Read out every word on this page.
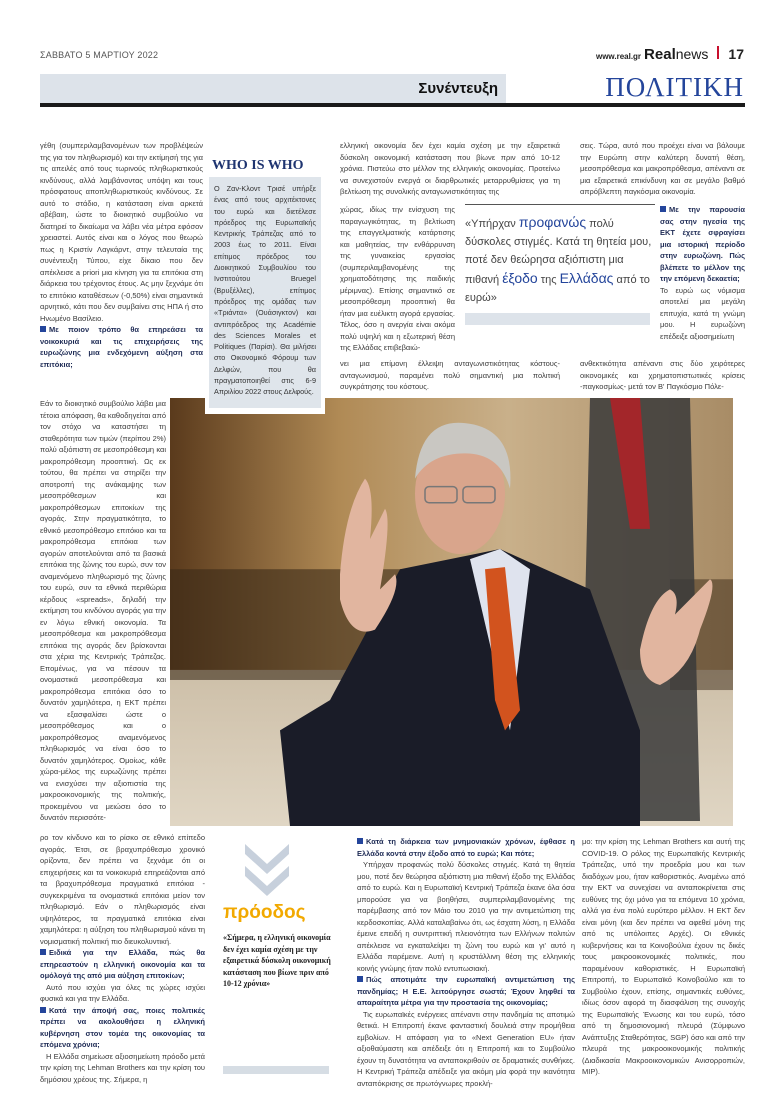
ΣΑΒΒΑΤΟ 5 ΜΑΡΤΙΟΥ 2022	www.real.gr Realnews 17
Συνέντευξη	ΠΟΛΙΤΙΚΗ

γέθη (συμπεριλαμβανομένων των προβλέψεών της για τον πληθωρισμό) και την εκτίμησή της για τις απειλές από τους τωρινούς πληθωριστικούς κινδύνους, αλλά λαμβάνοντας υπόψη και τους πρόσφατους αποπληθωριστικούς κινδύνους. Σε αυτό το στάδιο, η κατάσταση είναι αρκετά αβέβαιη, ώστε το διοικητικό συμβούλιο να διατηρεί το δικαίωμα να λάβει νέα μέτρα εφόσον χρειαστεί. Αυτός είναι και ο λόγος που θεωρώ πως η Κριστίν Λαγκάρντ, στην τελευταία της συνέντευξη Τύπου, είχε δίκαιο που δεν απέκλεισε a priori μια κίνηση για τα επιτόκια στη διάρκεια του τρέχοντος έτους. Ας μην ξεχνάμε ότι το επιτόκιο καταθέσεων (-0,50%) είναι σημαντικά αρνητικό, κάτι που δεν συμβαίνει στις ΗΠΑ ή στο Ηνωμένο Βασίλειο.

Με ποιον τρόπο θα επηρεάσει τα νοικοκυριά και τις επιχειρήσεις της ευρωζώνης μια ενδεχόμενη αύξηση στα επιτόκια;

Εάν το διοικητικό συμβούλιο λάβει μια τέτοια απόφαση, θα καθοδηγείται από τον στόχο να καταστήσει τη σταθερότητα των τιμών (περίπου 2%) πολύ αξιόπιστη σε μεσοπρόθεσμη και μακροπρόθεσμη προοπτική. Ως εκ τούτου, θα πρέπει να στηρίξει την αποτροπή της ανάκαμψης των μεσοπρόθεσμων και μακροπρόθεσμων επιτοκίων της αγοράς. Στην πραγματικότητα, το εθνικό μεσοπρόθεσμο επιτόκιο και τα μακροπρόθεσμα επιτόκια των αγορών αποτελούνται από τα βασικά επιτόκια της ζώνης του ευρώ, συν τον αναμενόμενο πληθωρισμό της ζώνης του ευρώ, συν τα εθνικά περιθώρια κέρδους «spreads», δηλαδή την εκτίμηση του κινδύνου αγοράς για την εν λόγω εθνική οικονομία. Τα μεσοπρόθεσμα και μακροπρόθεσμα επιτόκια της αγοράς δεν βρίσκονται στα χέρια της Κεντρικής Τράπεζας. Επομένως, για να πέσουν τα ονομαστικά μεσοπρόθεσμα και μακροπρόθεσμα επιτόκια όσο το δυνατόν χαμηλότερα, η ΕΚΤ πρέπει να εξασφαλίσει ώστε ο μεσοπρόθεσμος και ο μακροπρόθεσμος αναμενόμενος πληθωρισμός να είναι όσο το δυνατόν χαμηλότερος. Ομοίως, κάθε χώρα-μέλος της ευρωζώνης πρέπει να ενισχύσει την αξιοπιστία της μακροοικονομικής της πολιτικής, προκειμένου να μειώσει όσο το δυνατόν περισσότε-

ρο τον κίνδυνο και το ρίσκο σε εθνικό επίπεδο αγοράς. Έτσι, σε βραχυπρόθεσμο χρονικό ορίζοντα, δεν πρέπει να ξεχνάμε ότι οι επιχειρήσεις και τα νοικοκυριά επηρεάζονται από τα βραχυπρόθεσμα πραγματικά επιτόκια - συγκεκριμένα τα ονομαστικά επιτόκια μείον τον πληθωρισμό. Εάν ο πληθωρισμός είναι υψηλότερος, τα πραγματικά επιτόκια είναι χαμηλότερα: η αύξηση του πληθωρισμού κάνει τη νομισματική πολιτική πιο διευκολυντική.

Ειδικά για την Ελλάδα, πώς θα επηρεαστούν η ελληνική οικονομία και τα ομόλογά της από μια αύξηση επιτοκίων;

Αυτό που ισχύει για όλες τις χώρες ισχύει φυσικά και για την Ελλάδα.

Κατά την άποψή σας, ποιες πολιτικές πρέπει να ακολουθήσει η ελληνική κυβέρνηση στον τομέα της οικονομίας τα επόμενα χρόνια;

Η Ελλάδα σημείωσε αξιοσημείωτη πρόοδο μετά την κρίση της Lehman Brothers και την κρίση του δημόσιου χρέους της. Σήμερα, η

WHO IS WHO

Ο Ζαν-Κλοντ Τρισέ υπήρξε ένας από τους αρχιτέκτονες του ευρώ και διετέλεσε πρόεδρος της Ευρωπαϊκής Κεντρικής Τράπεζας από το 2003 έως το 2011. Είναι επίτιμος πρόεδρος του Διοικητικού Συμβουλίου του Ινστιτούτου Bruegel (Βρυξέλλες), επίτιμος πρόεδρος της ομάδας των «Τριάντα» (Ουάσιγκτον) και αντιπρόεδρος της Académie des Sciences Morales et Politiques (Παρίσι). Θα μιλήσει στο Οικονομικό Φόρουμ των Δελφών, που θα πραγματοποιηθεί στις 6-9 Απριλίου 2022 στους Δελφούς.

ελληνική οικονομία δεν έχει καμία σχέση με την εξαιρετικά δύσκολη οικονομική κατάσταση που βίωνε πριν από 10-12 χρόνια. Πιστεύω στο μέλλον της ελληνικής οικονομίας. Προτείνω να συνεχιστούν ενεργά οι διαρθρωτικές μεταρρυθμίσεις για τη βελτίωση της συνολικής ανταγωνιστικότητας της

χώρας, ιδίως την ενίσχυση της παραγωγικότητας, τη βελτίωση της επαγγελματικής κατάρτισης και μαθητείας, την ενθάρρυνση της γυναικείας εργασίας (συμπεριλαμβανομένης της χρηματοδότησης της παιδικής μέριμνας). Επίσης σημαντικό σε μεσοπρόθεσμη προοπτική θα ήταν μια ευέλικτη αγορά εργασίας. Τέλος, όσο η ανεργία είναι ακόμα πολύ υψηλή και η εξωτερική θέση της Ελλάδας επιβεβαιώ-

νει μια επίμονη έλλειψη ανταγωνιστικότητας κόστους-ανταγωνισμού, παραμένει πολύ σημαντική μια πολιτική συγκράτησης του κόστους.

«Υπήρχαν προφανώς πολύ δύσκολες στιγμές. Κατά τη θητεία μου, ποτέ δεν θεώρησα αξιόπιστη μια πιθανή έξοδο της Ελλάδας από το ευρώ»

σεις. Τώρα, αυτό που προέχει είναι να βάλουμε την Ευρώπη στην καλύτερη δυνατή θέση, μεσοπρόθεσμα και μακροπρόθεσμα, απέναντι σε μια εξαιρετικά επικίνδυνη και σε μεγάλο βαθμό απρόβλεπτη παγκόσμια οικονομία.

Με την παρουσία σας στην ηγεσία της ΕΚΤ έχετε σφραγίσει μια ιστορική περίοδο στην ευρωζώνη. Πώς βλέπετε το μέλλον της την επόμενη δεκαετία;

Το ευρώ ως νόμισμα αποτελεί μια μεγάλη επιτυχία, κατά τη γνώμη μου. Η ευρωζώνη επέδειξε αξιοσημείωτη

ανθεκτικότητα απέναντι στις δύο χειρότερες οικονομικές και χρηματοπιστωτικές κρίσεις -παγκοσμίως- μετά τον Β' Παγκόσμιο Πόλε-

πρόοδος

«Σήμερα, η ελληνική οικονομία δεν έχει καμία σχέση με την εξαιρετικά δύσκολη οικονομική κατάσταση που βίωνε πριν από 10-12 χρόνια»

Κατά τη διάρκεια των μνημονιακών χρόνων, έφθασε η Ελλάδα κοντά στην έξοδο από το ευρώ; Και πότε;

Υπήρχαν προφανώς πολύ δύσκολες στιγμές. Κατά τη θητεία μου, ποτέ δεν θεώρησα αξιόπιστη μια πιθανή έξοδο της Ελλάδας από το ευρώ. Και η Ευρωπαϊκή Κεντρική Τράπεζα έκανε όλα όσα μπορούσε για να βοηθήσει, συμπεριλαμβανομένης της παρέμβασης από τον Μάιο του 2010 για την αντιμετώπιση της κερδοσκοπίας. Αλλά καταλαβαίνω ότι, ως έσχατη λύση, η Ελλάδα έμεινε επειδή η συντριπτική πλειονότητα των Ελλήνων πολιτών απέκλεισε να εγκαταλείψει τη ζώνη του ευρώ και γι' αυτό η Ελλάδα παρέμεινε. Αυτή η κρυστάλλινη θέση της ελληνικής κοινής γνώμης ήταν πολύ εντυπωσιακή.

Πώς αποτιμάτε την ευρωπαϊκή αντιμετώπιση της πανδημίας; Η Ε.Ε. λειτούργησε σωστά; Έχουν ληφθεί τα απαραίτητα μέτρα για την προστασία της οικονομίας;

Τις ευρωπαϊκές ενέργειες απέναντι στην πανδημία τις αποτιμώ θετικά. Η Επιτροπή έκανε φανταστική δουλειά στην προμήθεια εμβολίων. Η απόφαση για το «Next Generation EU» ήταν αξιοθαύμαστη και απέδειξε ότι η Επιτροπή και το Συμβούλιο έχουν τη δυνατότητα να ανταποκριθούν σε δραματικές συνθήκες. Η Κεντρική Τράπεζα απέδειξε για ακόμη μία φορά την ικανότητα ανταπόκρισης σε πρωτόγνωρες προκλή-

μο: την κρίση της Lehman Brothers και αυτή της COVID-19. Ο ρόλος της Ευρωπαϊκής Κεντρικής Τράπεζας, υπό την προεδρία μου και των διαδόχων μου, ήταν καθοριστικός. Αναμένω από την ΕΚΤ να συνεχίσει να ανταποκρίνεται στις ευθύνες της όχι μόνο για τα επόμενα 10 χρόνια, αλλά για ένα πολύ ευρύτερο μέλλον. Η ΕΚΤ δεν είναι μόνη (και δεν πρέπει να αφεθεί μόνη της από τις υπόλοιπες Αρχές). Οι εθνικές κυβερνήσεις και τα Κοινοβούλια έχουν τις δικές τους μακροοικονομικές πολιτικές, που παραμένουν καθοριστικές. Η Ευρωπαϊκή Επιτροπή, το Ευρωπαϊκό Κοινοβούλιο και το Συμβούλιο έχουν, επίσης, σημαντικές ευθύνες, ιδίως όσον αφορά τη διασφάλιση της συνοχής της Ευρωπαϊκής Ένωσης και του ευρώ, τόσο από τη δημοσιονομική πλευρά (Σύμφωνο Ανάπτυξης Σταθερότητας, SGP) όσο και από την πλευρά της μακροοικονομικής πολιτικής (Διαδικασία Μακροοικονομικών Ανισορροπιών, MIP).
